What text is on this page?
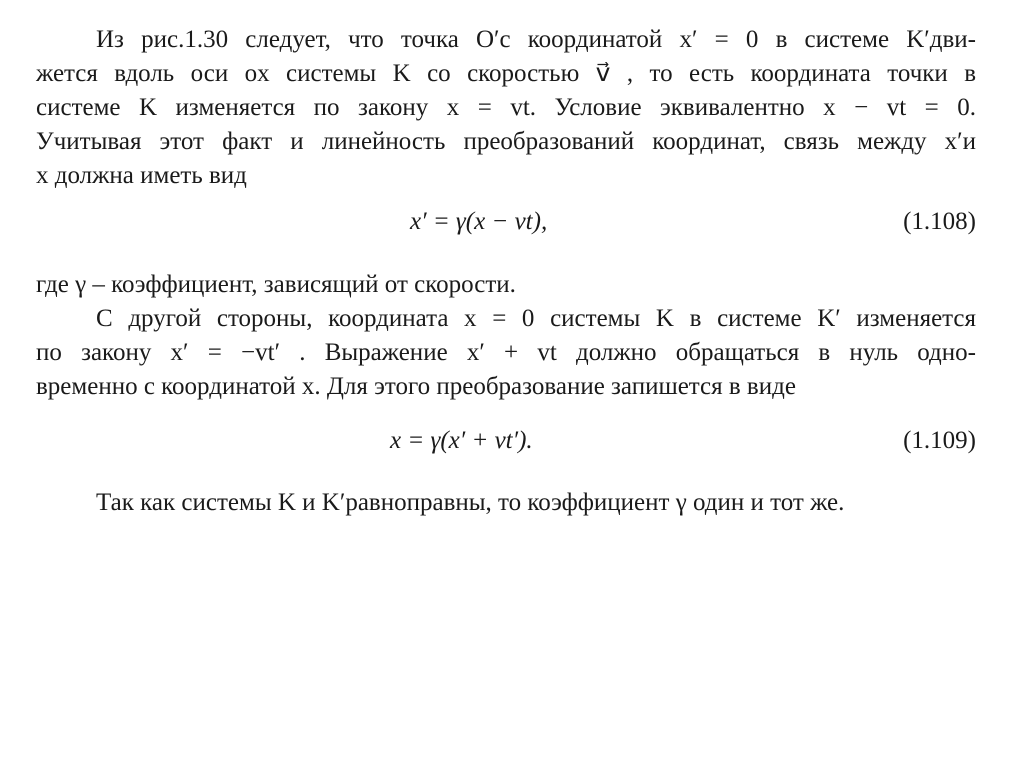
Из рис.1.30 следует, что точка O′с координатой x′ = 0 в системе K′дви-
жется вдоль оси ox системы K со скоростью v⃗ , то есть координата точки в
системе K изменяется по закону x = vt. Условие эквивалентно x − vt = 0.
Учитывая этот факт и линейность преобразований координат, связь между x′и
x должна иметь вид
x′ = γ(x − vt),	(1.108)
где γ – коэффициент, зависящий от скорости.
С другой стороны, координата x = 0 системы K в системе K′ изменяется
по закону x′ = −vt′ . Выражение x′ + vt должно обращаться в нуль одно-
временно с координатой x. Для этого преобразование запишется в виде
x = γ(x′ + vt′).	(1.109)
Так как системы K и K′равноправны, то коэффициент γ один и тот же.
